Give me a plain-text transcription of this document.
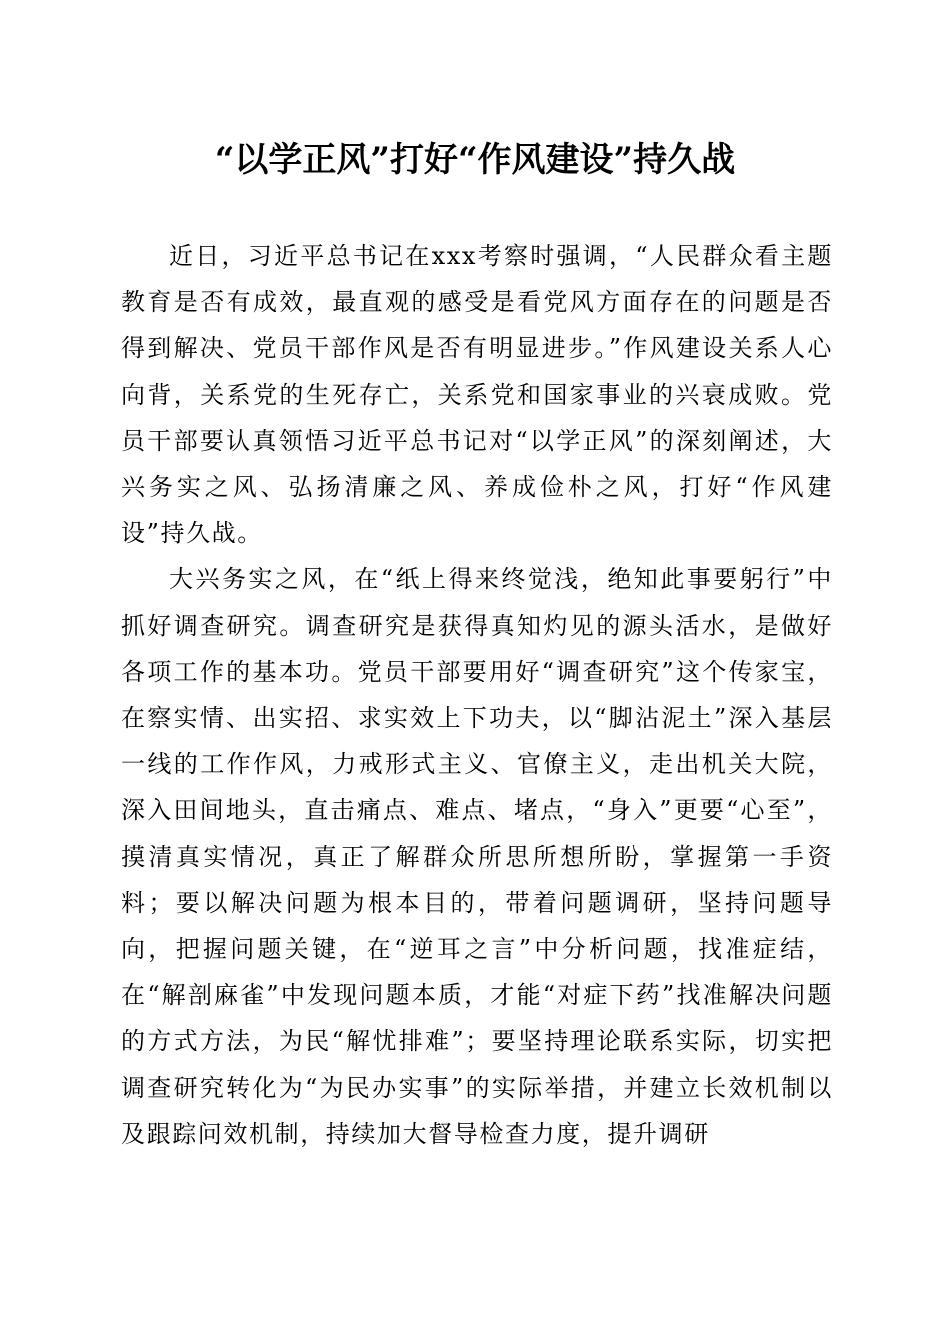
“以学正风”打好“作风建设”持久战

近日，习近平总书记在xxx考察时强调，“人民群众看主题教育是否有成效，最直观的感受是看党风方面存在的问题是否得到解决、党员干部作风是否有明显进步。”作风建设关系人心向背，关系党的生死存亡，关系党和国家事业的兴衰成败。党员干部要认真领悟习近平总书记对“以学正风”的深刻阐述，大兴务实之风、弘扬清廉之风、养成俭朴之风，打好“作风建设”持久战。

大兴务实之风，在“纸上得来终觉浅，绝知此事要躬行”中抓好调查研究。调查研究是获得真知灼见的源头活水，是做好各项工作的基本功。党员干部要用好“调查研究”这个传家宝，在察实情、出实招、求实效上下功夫，以“脚沾泥土”深入基层一线的工作作风，力戒形式主义、官僚主义，走出机关大院，深入田间地头，直击痛点、难点、堵点，“身入”更要“心至”，摸清真实情况，真正了解群众所思所想所盼，掌握第一手资料；要以解决问题为根本目的，带着问题调研，坚持问题导向，把握问题关键，在“逆耳之言”中分析问题，找准症结，在“解剖麻雀”中发现问题本质，才能“对症下药”找准解决问题的方式方法，为民“解忧排难”；要坚持理论联系实际，切实把调查研究转化为“为民办实事”的实际举措，并建立长效机制以及跟踪问效机制，持续加大督导检查力度，提升调研
